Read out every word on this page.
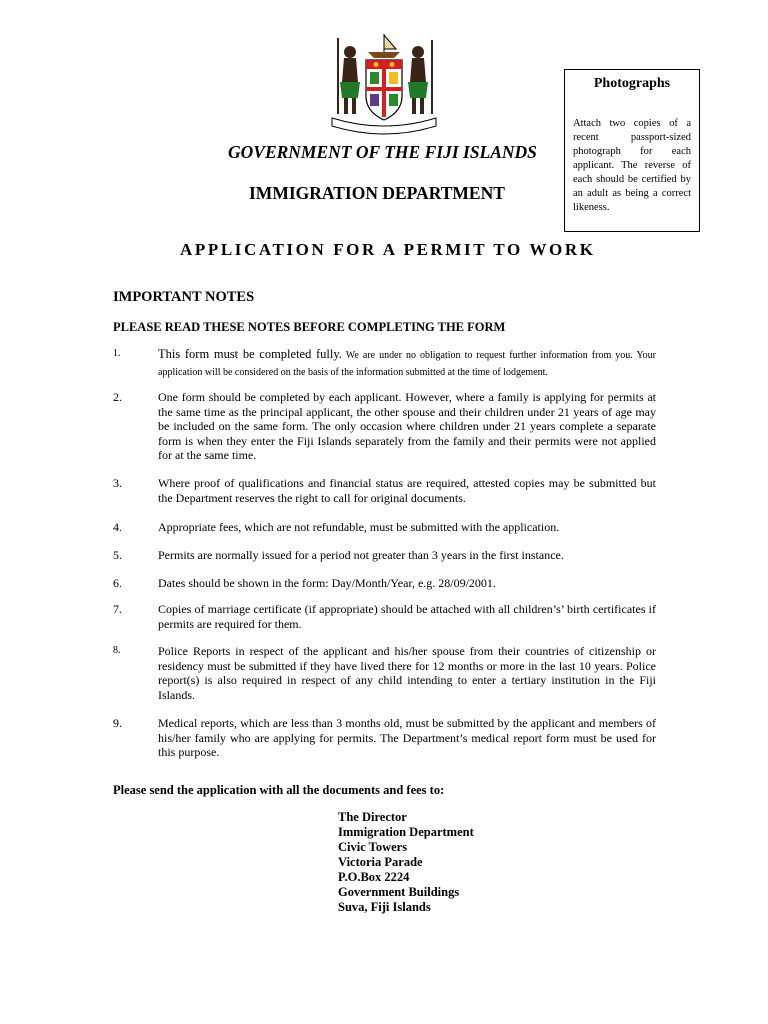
GOVERNMENT OF THE FIJI ISLANDS
IMMIGRATION DEPARTMENT
APPLICATION FOR A PERMIT TO WORK
Photographs
Attach two copies of a recent passport-sized photograph for each applicant. The reverse of each should be certified by an adult as being a correct likeness.
IMPORTANT NOTES
PLEASE READ THESE NOTES BEFORE COMPLETING THE FORM
1.	This form must be completed fully. We are under no obligation to request further information from you. Your application will be considered on the basis of the information submitted at the time of lodgement.
2.	One form should be completed by each applicant. However, where a family is applying for permits at the same time as the principal applicant, the other spouse and their children under 21 years of age may be included on the same form. The only occasion where children under 21 years complete a separate form is when they enter the Fiji Islands separately from the family and their permits were not applied for at the same time.
3.	Where proof of qualifications and financial status are required, attested copies may be submitted but the Department reserves the right to call for original documents.
4.	Appropriate fees, which are not refundable, must be submitted with the application.
5.	Permits are normally issued for a period not greater than 3 years in the first instance.
6.	Dates should be shown in the form: Day/Month/Year, e.g. 28/09/2001.
7.	Copies of marriage certificate (if appropriate) should be attached with all children’s’ birth certificates if permits are required for them.
8.	Police Reports in respect of the applicant and his/her spouse from their countries of citizenship or residency must be submitted if they have lived there for 12 months or more in the last 10 years. Police report(s) is also required in respect of any child intending to enter a tertiary institution in the Fiji Islands.
9.	Medical reports, which are less than 3 months old, must be submitted by the applicant and members of his/her family who are applying for permits. The Department’s medical report form must be used for this purpose.
Please send the application with all the documents and fees to:
The Director
Immigration Department
Civic Towers
Victoria Parade
P.O.Box 2224
Government Buildings
Suva, Fiji Islands
